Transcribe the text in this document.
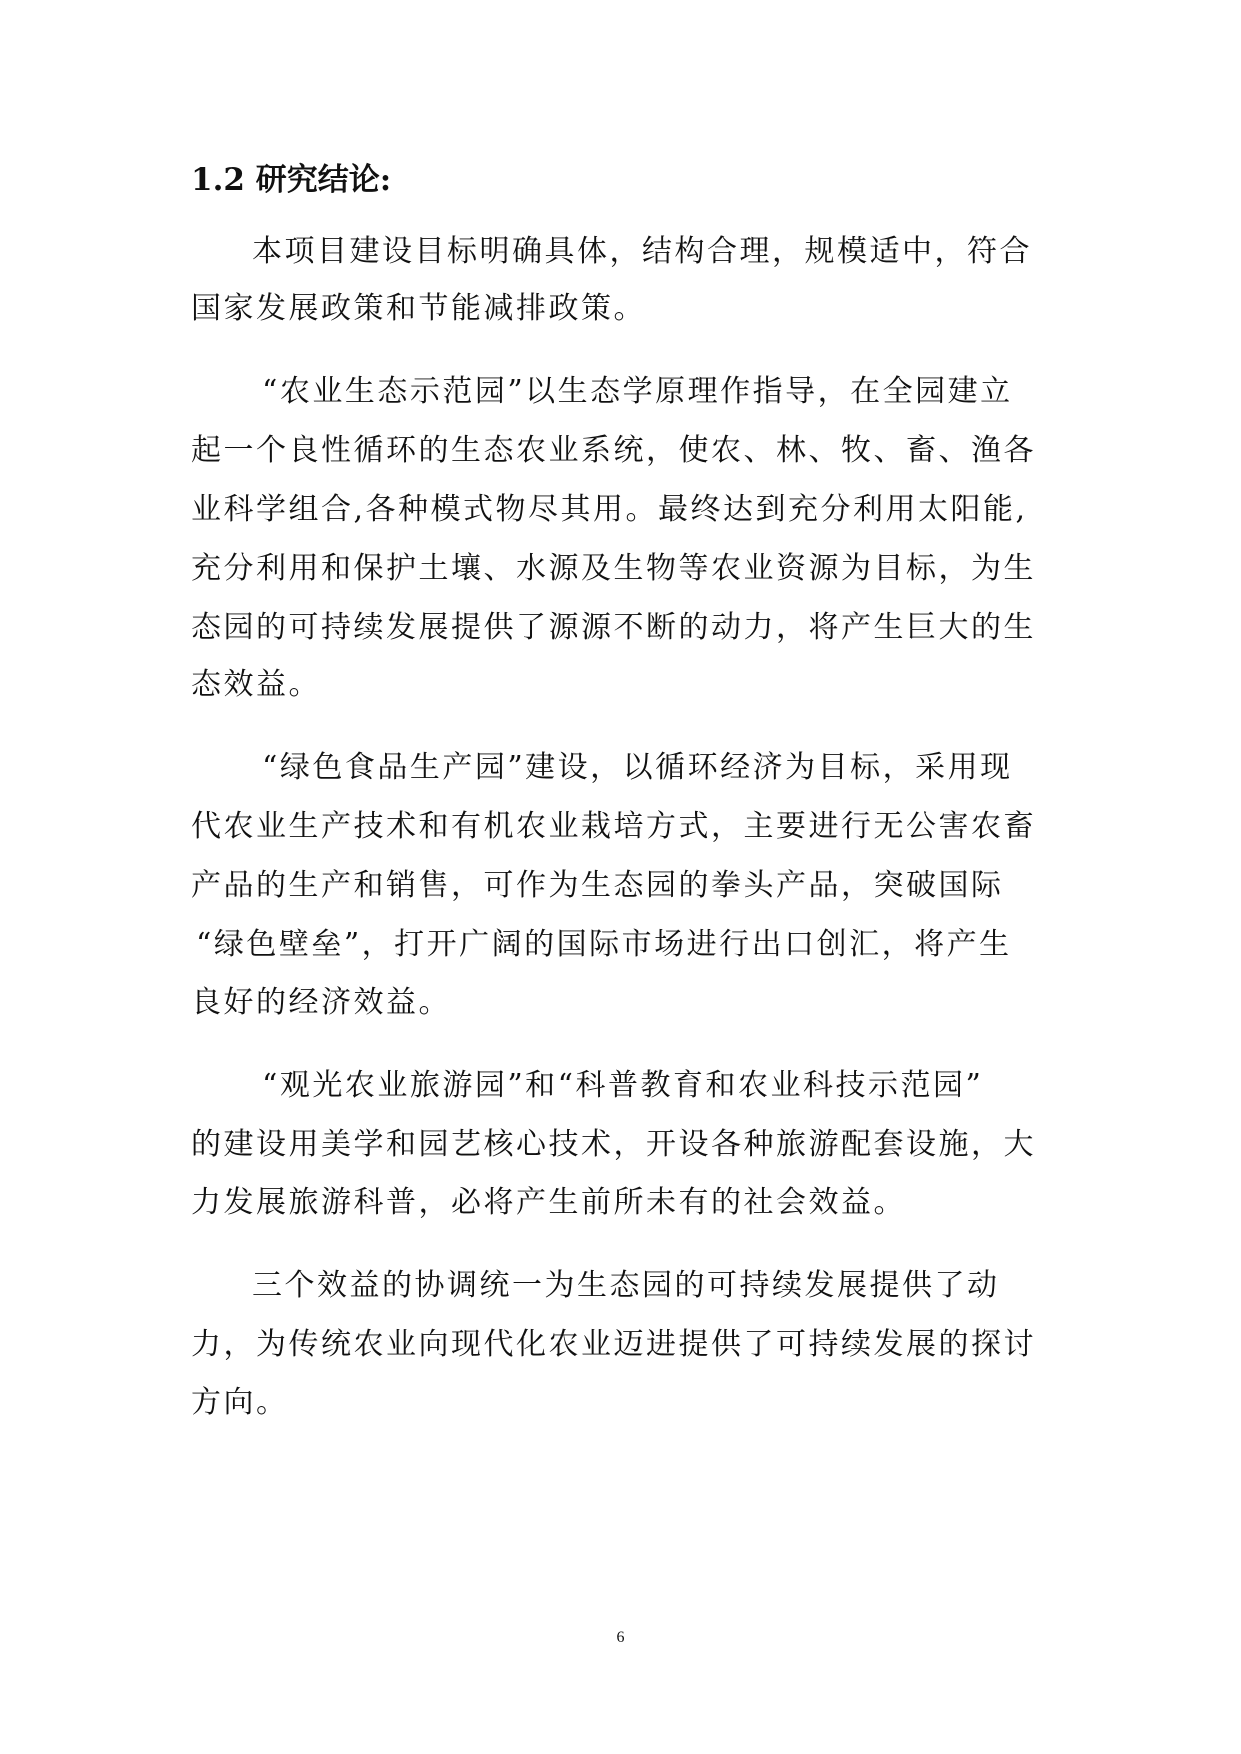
1.2 研究结论:
本项目建设目标明确具体，结构合理，规模适中，符合
国家发展政策和节能减排政策。
“农业生态示范园”以生态学原理作指导，在全园建立
起一个良性循环的生态农业系统，使农、林、牧、畜、渔各
业科学组合,各种模式物尽其用。最终达到充分利用太阳能,
充分利用和保护土壤、水源及生物等农业资源为目标，为生
态园的可持续发展提供了源源不断的动力，将产生巨大的生
态效益。
“绿色食品生产园”建设，以循环经济为目标，采用现
代农业生产技术和有机农业栽培方式，主要进行无公害农畜
产品的生产和销售，可作为生态园的拳头产品，突破国际
“绿色壁垒”，打开广阔的国际市场进行出口创汇，将产生
良好的经济效益。
“观光农业旅游园”和“科普教育和农业科技示范园”
的建设用美学和园艺核心技术，开设各种旅游配套设施，大
力发展旅游科普，必将产生前所未有的社会效益。
三个效益的协调统一为生态园的可持续发展提供了动
力，为传统农业向现代化农业迈进提供了可持续发展的探讨
方向。
6
